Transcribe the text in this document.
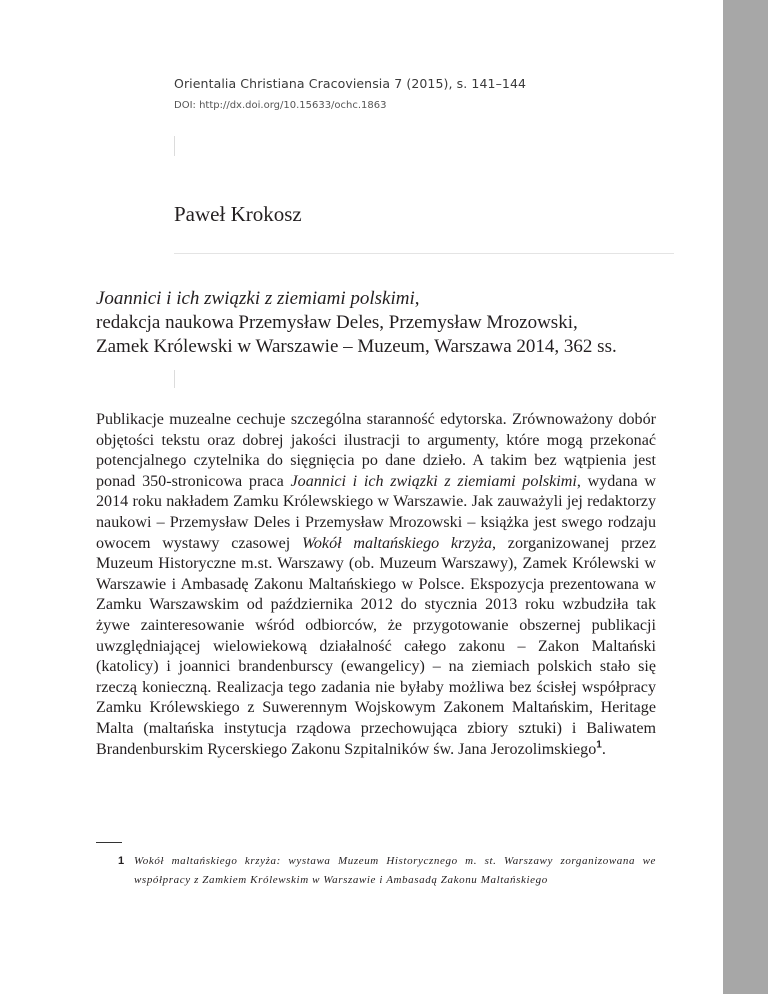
Orientalia Christiana Cracoviensia 7 (2015), s. 141–144
DOI: http://dx.doi.org/10.15633/ochc.1863
Paweł Krokosz
Joannici i ich związki z ziemiami polskimi,
redakcja naukowa Przemysław Deles, Przemysław Mrozowski,
Zamek Królewski w Warszawie – Muzeum, Warszawa 2014, 362 ss.
Publikacje muzealne cechuje szczególna staranność edytorska. Zrównoważony dobór objętości tekstu oraz dobrej jakości ilustracji to argumenty, które mogą przekonać potencjalnego czytelnika do sięgnięcia po dane dzieło. A takim bez wątpienia jest ponad 350-stronicowa praca Joannici i ich związki z ziemiami polskimi, wydana w 2014 roku nakładem Zamku Królewskiego w Warszawie. Jak zauważyli jej redaktorzy naukowi – Przemysław Deles i Przemysław Mrozowski – książka jest swego rodzaju owocem wystawy czasowej Wokół maltańskiego krzyża, zorganizowanej przez Muzeum Historyczne m.st. Warszawy (ob. Muzeum Warszawy), Zamek Królewski w Warszawie i Ambasadę Zakonu Maltańskiego w Polsce. Ekspozycja prezentowana w Zamku Warszawskim od października 2012 do stycznia 2013 roku wzbudziła tak żywe zainteresowanie wśród odbiorców, że przygotowanie obszernej publikacji uwzględniającej wielowiekową działalność całego zakonu – Zakon Maltański (katolicy) i joannici brandenburscy (ewangelicy) – na ziemiach polskich stało się rzeczą konieczną. Realizacja tego zadania nie byłaby możliwa bez ścisłej współpracy Zamku Królewskiego z Suwerennym Wojskowym Zakonem Maltańskim, Heritage Malta (maltańska instytucja rządowa przechowująca zbiory sztuki) i Baliwatem Brandenburskim Rycerskiego Zakonu Szpitalników św. Jana Jerozolimskiego$^1$.
1 Wokół maltańskiego krzyża: wystawa Muzeum Historycznego m. st. Warszawy zorganizowana we współpracy z Zamkiem Królewskim w Warszawie i Ambasadą Zakonu Maltańskiego
